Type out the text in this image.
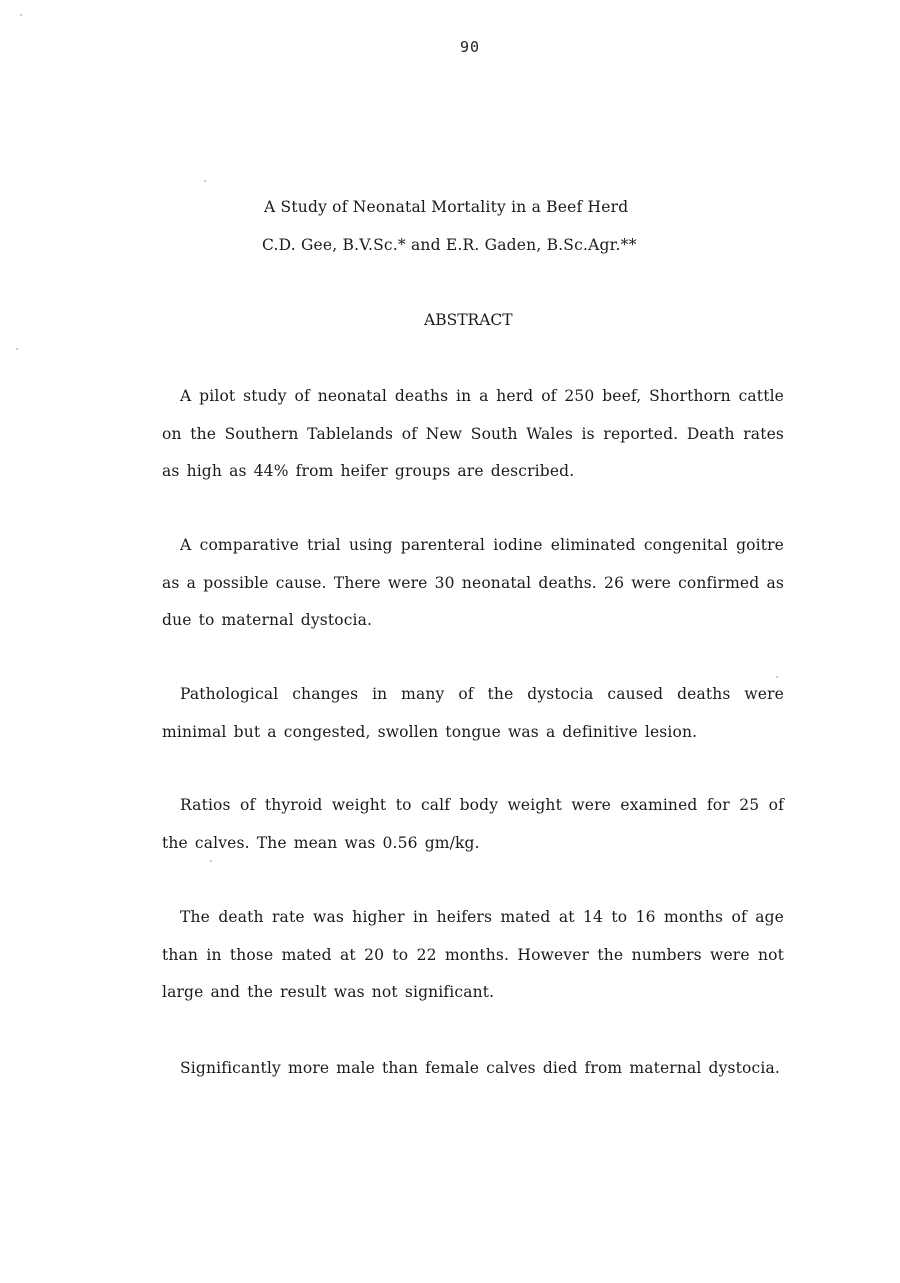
90
A Study of Neonatal Mortality in a Beef Herd
C.D. Gee, B.V.Sc.* and E.R. Gaden, B.Sc.Agr.**
ABSTRACT
A pilot study of neonatal deaths in a herd of 250 beef, Shorthorn cattle on the Southern Tablelands of New South Wales is reported. Death rates as high as 44% from heifer groups are described.
A comparative trial using parenteral iodine eliminated congenital goitre as a possible cause. There were 30 neonatal deaths. 26 were confirmed as due to maternal dystocia.
Pathological changes in many of the dystocia caused deaths were minimal but a congested, swollen tongue was a definitive lesion.
Ratios of thyroid weight to calf body weight were examined for 25 of the calves. The mean was 0.56 gm/kg.
The death rate was higher in heifers mated at 14 to 16 months of age than in those mated at 20 to 22 months. However the numbers were not large and the result was not significant.
Significantly more male than female calves died from maternal dystocia.
